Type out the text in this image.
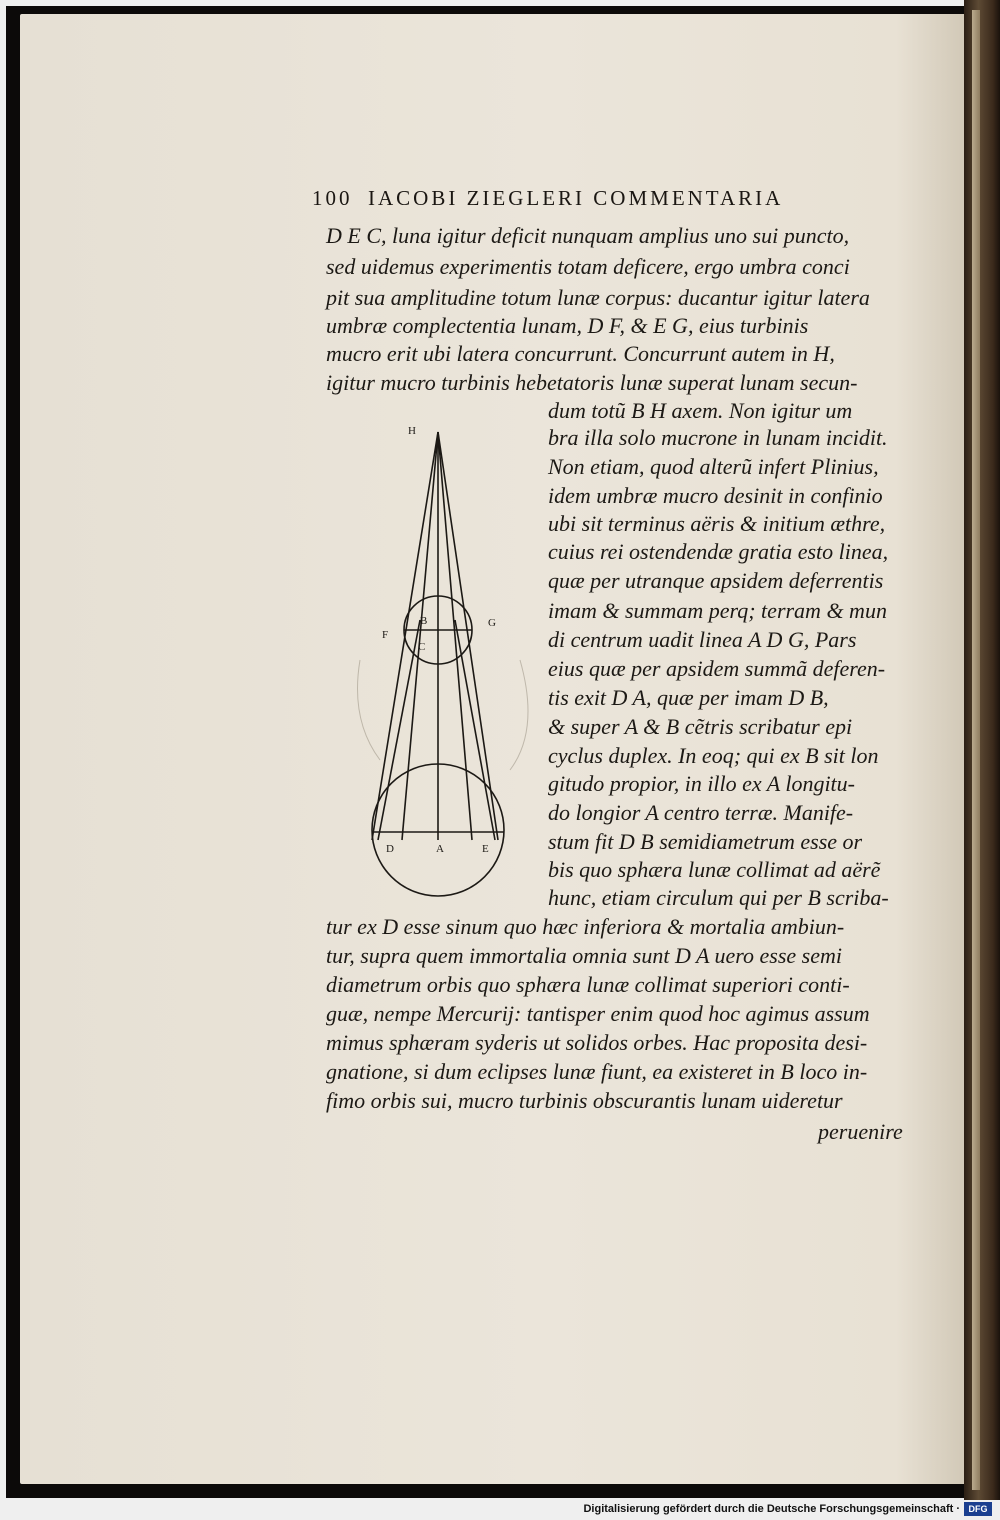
100 IACOBI ZIEGLERI COMMENTARIA
D E C, luna igitur deficit nunquam amplius uno sui puncto,
sed uidemus experimentis totam deficere, ergo umbra conci
pit sua amplitudine totum lunæ corpus: ducantur igitur latera
umbræ complectentia lunam, D F, & E G, eius turbinis
mucro erit ubi latera concurrunt. Concurrunt autem in H,
igitur mucro turbinis hebetatoris lunæ superat lunam secun-
dum totũ B H axem. Non igitur um
bra illa solo mucrone in lunam incidit.
Non etiam, quod alterũ infert Plinius,
idem umbræ mucro desinit in confinio
ubi sit terminus aëris & initium æthre,
cuius rei ostendendæ gratia esto linea,
quæ per utranque apsidem deferrentis
imam & summam perq; terram & mun
di centrum uadit linea A D G, Pars
eius quæ per apsidem summã deferen-
tis exit D A, quæ per imam D B,
& super A & B cẽtris scribatur epi
cyclus duplex. In eoq; qui ex B sit lon
gitudo propior, in illo ex A longitu-
do longior A centro terræ. Manife-
stum fit D B semidiametrum esse or
bis quo sphæra lunæ collimat ad aërẽ
hunc, etiam circulum qui per B scriba-
tur ex D esse sinum quo hæc inferiora & mortalia ambiun-
tur, supra quem immortalia omnia sunt D A uero esse semi
diametrum orbis quo sphæra lunæ collimat superiori conti-
guæ, nempe Mercurij: tantisper enim quod hoc agimus assum
mimus sphæram syderis ut solidos orbes. Hac proposita desi-
gnatione, si dum eclipses lunæ fiunt, ea existeret in B loco in-
fimo orbis sui, mucro turbinis obscurantis lunam uideretur
peruenire
H
B
C
F
G
D	A	E
Digitalisierung gefördert durch die Deutsche Forschungsgemeinschaft · DFG
